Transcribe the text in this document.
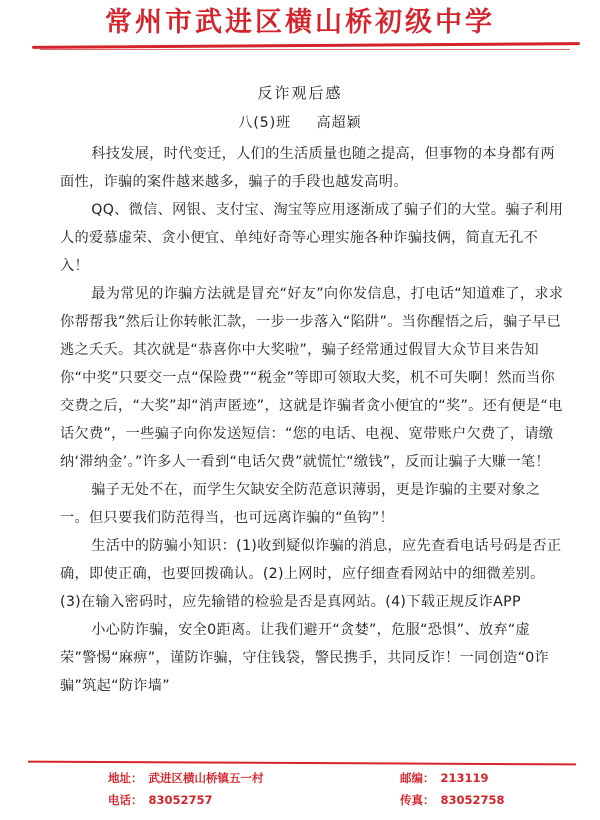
常州市武进区横山桥初级中学
反诈观后感
八(5)班 高超颖

科技发展，时代变迁，人们的生活质量也随之提高，但事物的本身都有两面性，诈骗的案件越来越多，骗子的手段也越发高明。

QQ、微信、网银、支付宝、淘宝等应用逐渐成了骗子们的大堂。骗子利用人的爱慕虚荣、贪小便宜、单纯好奇等心理实施各种诈骗技俩，简直无孔不入！

最为常见的诈骗方法就是冒充“好友”向你发信息，打电话“知道难了，求求你帮帮我”然后让你转帐汇款，一步一步落入“陷阱”。当你醒悟之后，骗子早已逃之夭夭。其次就是“恭喜你中大奖啦”，骗子经常通过假冒大众节目来告知你“中奖”只要交一点“保险费”“税金”等即可领取大奖，机不可失啊！然而当你交费之后，“大奖”却“消声匿迹”，这就是诈骗者贪小便宜的“奖”。还有便是“电话欠费”，一些骗子向你发送短信：“您的电话、电视、宽带账户欠费了，请缴纳‘滞纳金’。”许多人一看到“电话欠费”就慌忙“缴钱”，反而让骗子大赚一笔！

骗子无处不在，而学生欠缺安全防范意识薄弱，更是诈骗的主要对象之一。但只要我们防范得当，也可远离诈骗的“鱼钩”！

生活中的防骗小知识：(1)收到疑似诈骗的消息，应先查看电话号码是否正确，即使正确，也要回拨确认。(2)上网时，应仔细查看网站中的细微差别。(3)在输入密码时，应先输错的检验是否是真网站。(4)下载正规反诈APP

小心防诈骗，安全0距离。让我们避开“贪婪”，危服“恐惧”、放弃“虚荣”警惕“麻痹”，谨防诈骗，守住钱袋，警民携手，共同反诈！一同创造“0诈骗”筑起“防诈墙”

地址： 武进区横山桥镇五一村
电话： 83052757
邮编： 213119
传真： 83052758
